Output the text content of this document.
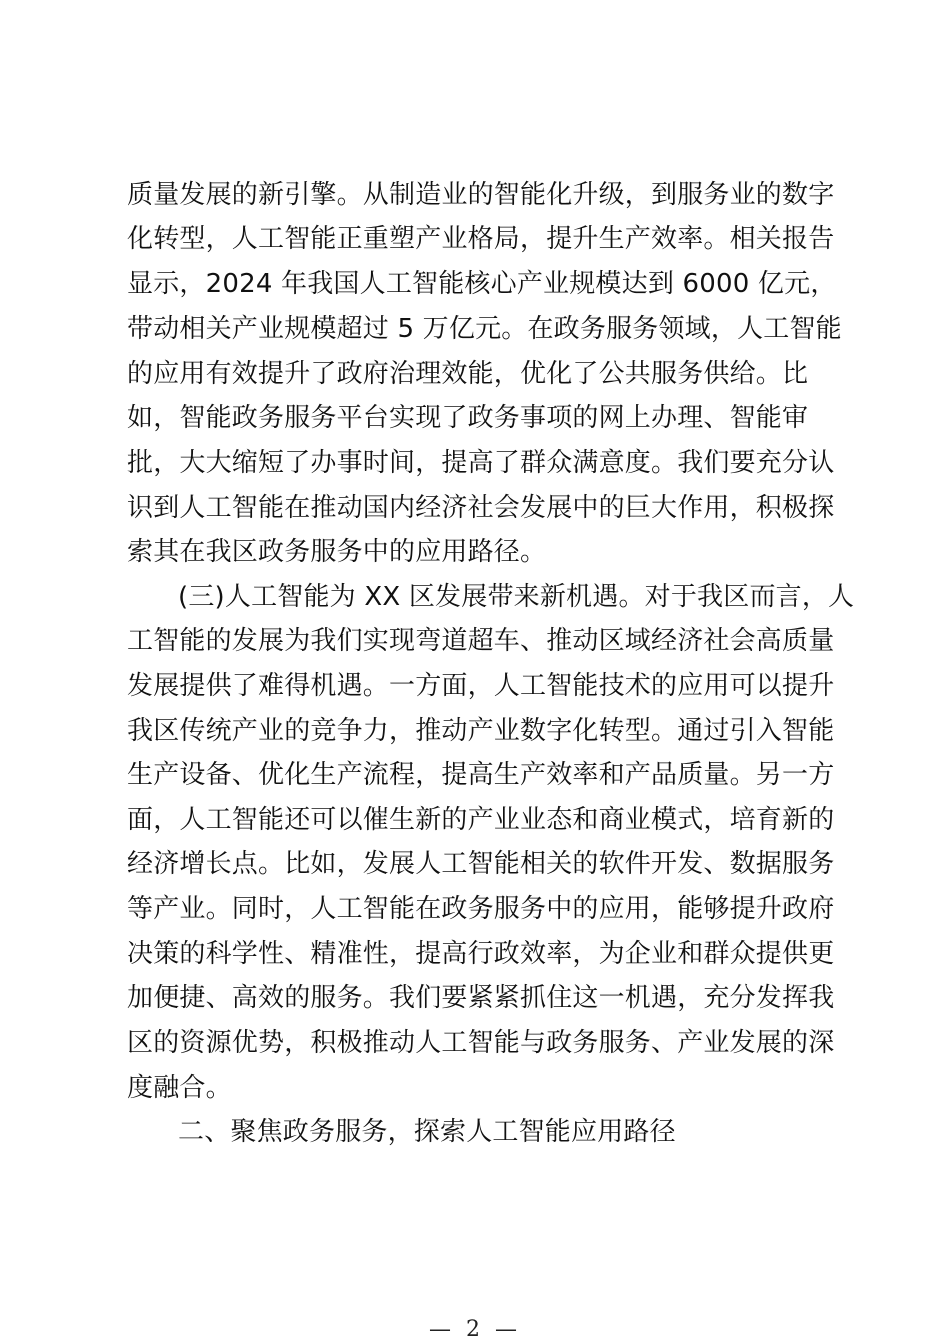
质量发展的新引擎。从制造业的智能化升级，到服务业的数字
化转型，人工智能正重塑产业格局，提升生产效率。相关报告
显示，2024 年我国人工智能核心产业规模达到 6000 亿元，
带动相关产业规模超过 5 万亿元。在政务服务领域，人工智能
的应用有效提升了政府治理效能，优化了公共服务供给。比
如，智能政务服务平台实现了政务事项的网上办理、智能审
批，大大缩短了办事时间，提高了群众满意度。我们要充分认
识到人工智能在推动国内经济社会发展中的巨大作用，积极探
索其在我区政务服务中的应用路径。
(三)人工智能为 XX 区发展带来新机遇。对于我区而言，人
工智能的发展为我们实现弯道超车、推动区域经济社会高质量
发展提供了难得机遇。一方面，人工智能技术的应用可以提升
我区传统产业的竞争力，推动产业数字化转型。通过引入智能
生产设备、优化生产流程，提高生产效率和产品质量。另一方
面，人工智能还可以催生新的产业业态和商业模式，培育新的
经济增长点。比如，发展人工智能相关的软件开发、数据服务
等产业。同时，人工智能在政务服务中的应用，能够提升政府
决策的科学性、精准性，提高行政效率，为企业和群众提供更
加便捷、高效的服务。我们要紧紧抓住这一机遇，充分发挥我
区的资源优势，积极推动人工智能与政务服务、产业发展的深
度融合。
二、聚焦政务服务，探索人工智能应用路径
— 2 —
